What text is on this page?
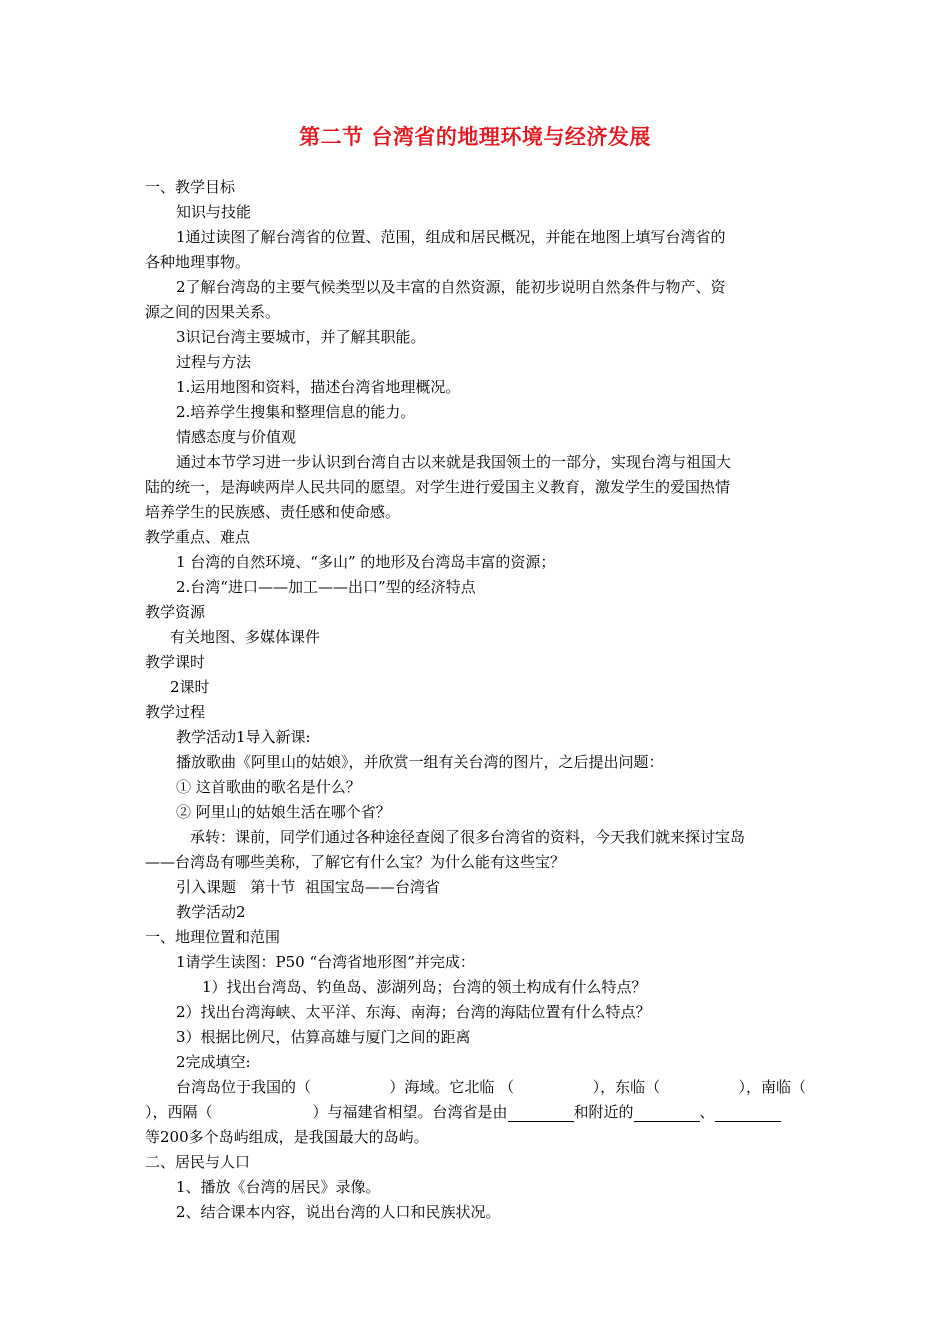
第二节 台湾省的地理环境与经济发展
一、教学目标
知识与技能
1通过读图了解台湾省的位置、范围，组成和居民概况，并能在地图上填写台湾省的
各种地理事物。
2了解台湾岛的主要气候类型以及丰富的自然资源，能初步说明自然条件与物产、资
源之间的因果关系。
3识记台湾主要城市，并了解其职能。
过程与方法
1.运用地图和资料，描述台湾省地理概况。
2.培养学生搜集和整理信息的能力。
情感态度与价值观
通过本节学习进一步认识到台湾自古以来就是我国领土的一部分，实现台湾与祖国大
陆的统一，是海峡两岸人民共同的愿望。对学生进行爱国主义教育，激发学生的爱国热情
培养学生的民族感、责任感和使命感。
教学重点、难点
1 台湾的自然环境、“多山” 的地形及台湾岛丰富的资源；
2.台湾“进口——加工——出口”型的经济特点
教学资源
有关地图、多媒体课件
教学课时
2课时
教学过程
教学活动1导入新课:
播放歌曲《阿里山的姑娘》，并欣赏一组有关台湾的图片，之后提出问题：
① 这首歌曲的歌名是什么？
② 阿里山的姑娘生活在哪个省？
承转：课前，同学们通过各种途径查阅了很多台湾省的资料，今天我们就来探讨宝岛
——台湾岛有哪些美称，了解它有什么宝？为什么能有这些宝？
引入课题   第十节  祖国宝岛——台湾省
教学活动2
一、地理位置和范围
1请学生读图：P50 “台湾省地形图”并完成：
1）找出台湾岛、钓鱼岛、澎湖列岛；台湾的领土构成有什么特点？
2）找出台湾海峡、太平洋、东海、南海；台湾的海陆位置有什么特点？
3）根据比例尺，估算高雄与厦门之间的距离
2完成填空:
台湾岛位于我国的（	）海域。它北临 （	），东临（	），南临（
），西隔（	）与福建省相望。台湾省是由	和附近的	、
等200多个岛屿组成，是我国最大的岛屿。
二、居民与人口
1、播放《台湾的居民》录像。
2、结合课本内容，说出台湾的人口和民族状况。
